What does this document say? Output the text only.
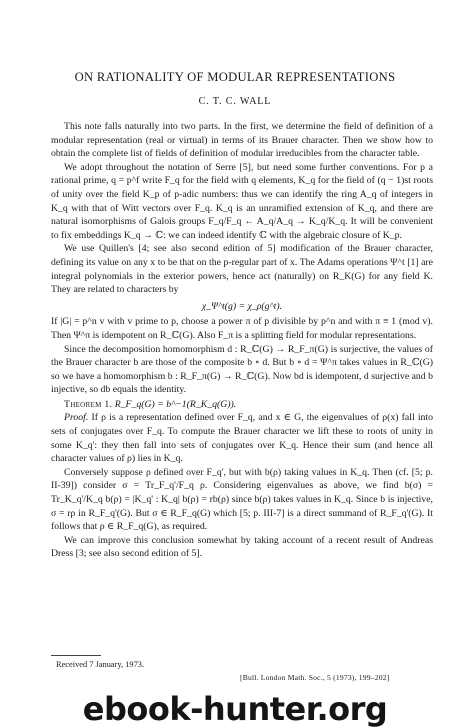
ON RATIONALITY OF MODULAR REPRESENTATIONS
C. T. C. WALL

This note falls naturally into two parts. In the first, we determine the field of definition of a modular representation (real or virtual) in terms of its Brauer character. Then we show how to obtain the complete list of fields of definition of modular irreducibles from the character table.

We adopt throughout the notation of Serre [5], but need some further conventions. For p a rational prime, q = p^f write F_q for the field with q elements, K_q for the field of (q − 1)st roots of unity over the field K_p of p-adic numbers: thus we can identify the ring A_q of integers in K_q with that of Witt vectors over F_q. K_q is an unramified extension of K_q, and there are natural isomorphisms of Galois groups F_q/F_q ← A_q/A_q → K_q/K_q. It will be convenient to fix embeddings K_q → ℂ: we can indeed identify ℂ with the algebraic closure of K_p.

We use Quillen's [4; see also second edition of 5] modification of the Brauer character, defining its value on any x to be that on the p-regular part of x. The Adams operations Ψ^t [1] are integral polynomials in the exterior powers, hence act (naturally) on R_K(G) for any field K. They are related to characters by

χ_Ψ^t(g) = χ_ρ(g^t).

If |G| = p^n v with v prime to p, choose a power π of p divisible by p^n and with π ≡ 1 (mod v). Then Ψ^π is idempotent on R_ℂ(G). Also F_π is a splitting field for modular representations.

Since the decomposition homomorphism d : R_ℂ(G) → R_F_π(G) is surjective, the values of the Brauer character b are those of the composite b ∘ d. But b ∘ d = Ψ^π takes values in R_ℂ(G) so we have a homomorphism b : R_F_π(G) → R_ℂ(G). Now bd is idempotent, d surjective and b injective, so db equals the identity.

Theorem 1. R_F_q(G) = b^−1(R_K_q(G)).

Proof. If ρ is a representation defined over F_q, and x ∈ G, the eigenvalues of ρ(x) fall into sets of conjugates over F_q. To compute the Brauer character we lift these to roots of unity in some K_q': they then fall into sets of conjugates over K_q. Hence their sum (and hence all character values of ρ) lies in K_q.

Conversely suppose ρ defined over F_q', but with b(ρ) taking values in K_q. Then (cf. [5; p. II-39]) consider σ = Tr_F_q'/F_q ρ. Considering eigenvalues as above, we find b(σ) = Tr_K_q'/K_q b(ρ) = |K_q' : K_q| b(ρ) = rb(ρ) since b(ρ) takes values in K_q. Since b is injective, σ = rρ in R_F_q'(G). But σ ∈ R_F_q(G) which [5; p. III-7] is a direct summand of R_F_q'(G). It follows that ρ ∈ R_F_q(G), as required.

We can improve this conclusion somewhat by taking account of a recent result of Andreas Dress [3; see also second edition of 5].

Received 7 January, 1973.
[Bull. London Math. Soc., 5 (1973), 199–202]
ebook-hunter.org
